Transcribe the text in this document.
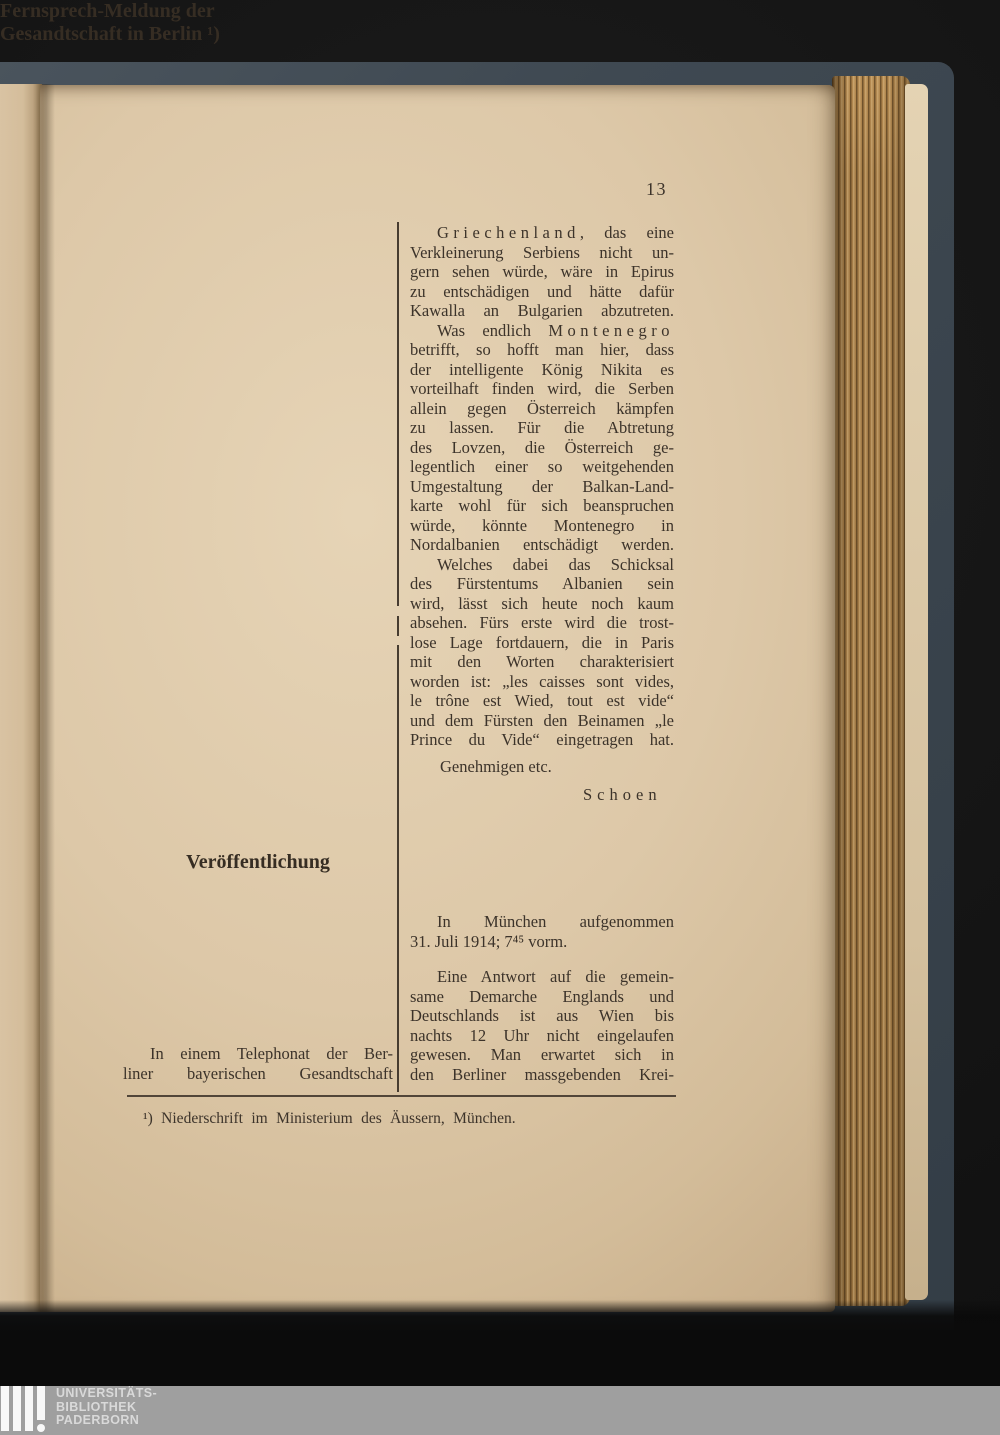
13
Griechenland, das eine
Verkleinerung Serbiens nicht un-
gern sehen würde, wäre in Epirus
zu entschädigen und hätte dafür
Kawalla an Bulgarien abzutreten.
Was endlich Montenegro
betrifft, so hofft man hier, dass
der intelligente König Nikita es
vorteilhaft finden wird, die Serben
allein gegen Österreich kämpfen
zu lassen. Für die Abtretung
des Lovzen, die Österreich ge-
legentlich einer so weitgehenden
Umgestaltung der Balkan-Land-
karte wohl für sich beanspruchen
würde, könnte Montenegro in
Nordalbanien entschädigt werden.
Welches dabei das Schicksal
des Fürstentums Albanien sein
wird, lässt sich heute noch kaum
absehen. Fürs erste wird die trost-
lose Lage fortdauern, die in Paris
mit den Worten charakterisiert
worden ist: „les caisses sont vides,
le trône est Wied, tout est vide“
und dem Fürsten den Beinamen „le
Prince du Vide“ eingetragen hat.
Genehmigen etc.
Schoen
Fernsprech-Meldung der
Gesandtschaft in Berlin ¹)
In München aufgenommen
31. Juli 1914; 7⁴⁵ vorm.
Eine Antwort auf die gemein-
same Demarche Englands und
Deutschlands ist aus Wien bis
nachts 12 Uhr nicht eingelaufen
gewesen. Man erwartet sich in
den Berliner massgebenden Krei-
Veröffentlichung
In einem Telephonat der Ber-
liner bayerischen Gesandtschaft
¹) Niederschrift im Ministerium des Äussern, München.
UNIVERSITÄTS-
BIBLIOTHEK
PADERBORN
